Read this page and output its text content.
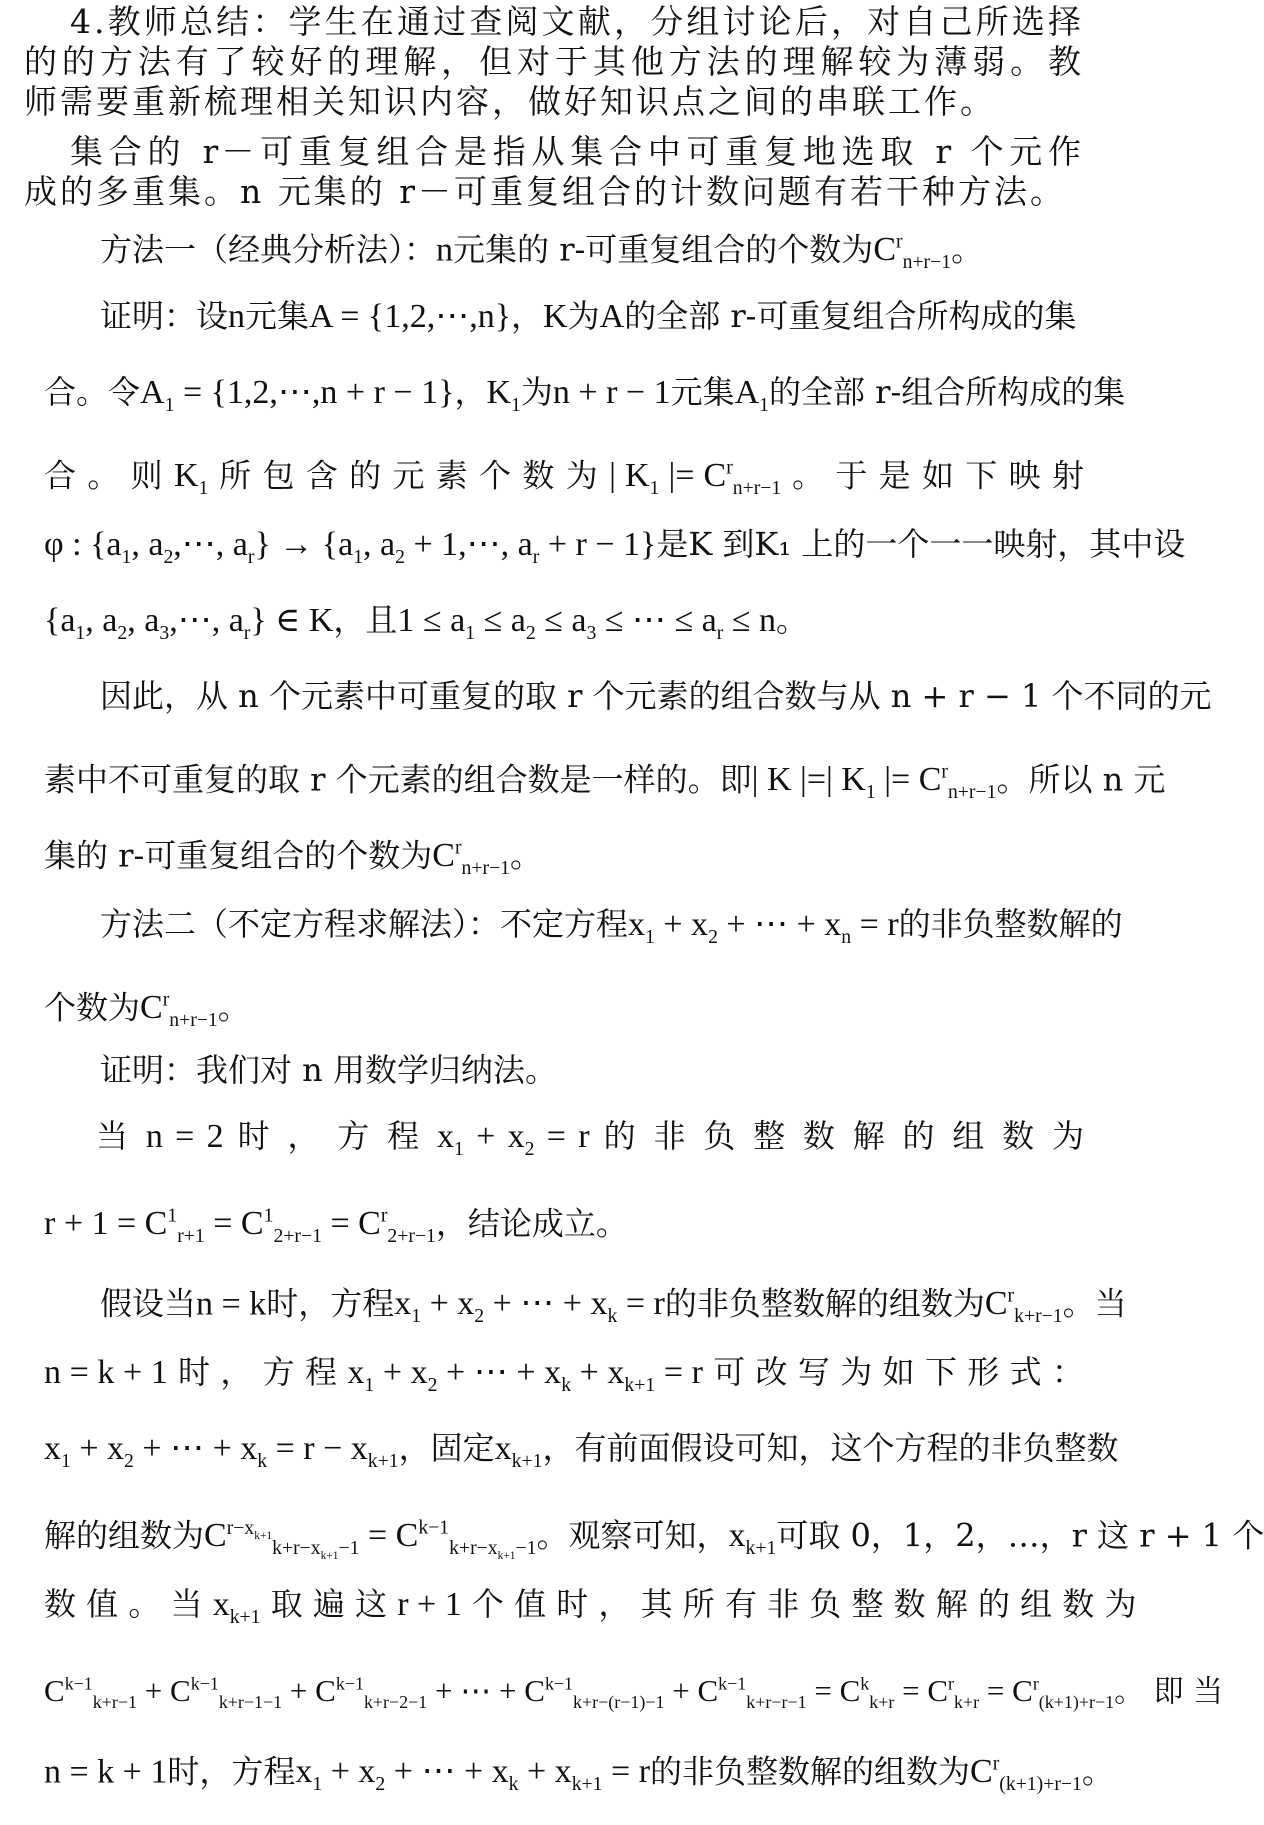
4.教师总结：学生在通过查阅文献，分组讨论后，对自己所选择
的的方法有了较好的理解，但对于其他方法的理解较为薄弱。教
师需要重新梳理相关知识内容，做好知识点之间的串联工作。
集合的 r－可重复组合是指从集合中可重复地选取 r 个元作
成的多重集。n 元集的 r－可重复组合的计数问题有若干种方法。
方法一（经典分析法）：n元集的 r-可重复组合的个数为$C^r_{n+r-1}$。
证明：设n元集A = {1,2,⋯,n}，K为A的全部 r-可重复组合所构成的集
合。令$A_1$ = {1,2,⋯,n + r − 1}，$K_1$为n + r − 1元集$A_1$的全部 r-组合所构成的集
合 。 则 $K_1$ 所 包 含 的 元 素 个 数 为 | $K_1$ |= $C^r_{n+r-1}$ 。 于 是 如 下 映 射
φ : {$a_1$, $a_2,\cdots$, $a_r\} \to \{a_1$, $a_2$ + 1,⋯, $a_r + r - 1$}是K 到K₁ 上的一个一一映射，其中设
{$a_1$, $a_2$, $a_3,\cdots$, $a_r$} ∈ K，且$1 \le a_1 \le a_2 \le a_3$ ≤ ⋯ ≤ $a_r \le n$。
因此，从 n 个元素中可重复的取 r 个元素的组合数与从 n + r − 1 个不同的元
素中不可重复的取 r 个元素的组合数是一样的。即| K |=| $K_1$ |= $C^r_{n+r-1}$。所以 n 元
集的 r-可重复组合的个数为$C^r_{n+r-1}$。
方法二（不定方程求解法）：不定方程$x_1 + x_2$ + ⋯ + $x_n = r$的非负整数解的
个数为$C^r_{n+r-1}$。
证明：我们对 n 用数学归纳法。
当 n = 2 时 ， 方 程 $x_1 + x_2 = r$ 的 非 负 整 数 解 的 组 数 为
$r + 1 = C^1_{r+1} = C^1_{2+r-1} = C^r_{2+r-1}$，结论成立。
假设当n = k时，方程$x_1 + x_2$ + ⋯ + $x_k = r$的非负整数解的组数为$C^r_{k+r-1}$。当
n = k + 1 时 ， 方 程 $x_1 + x_2$ + ⋯ + $x_k + x_{k+1} = r$ 可 改 写 为 如 下 形 式 ：
$x_1 + x_2$ + ⋯ + $x_k = r - x_{k+1}$，固定$x_{k+1}$，有前面假设可知，这个方程的非负整数
解的组数为$C^{r-x_{k+1}}_{k+r-x_{k+1}-1} = C^{k-1}_{k+r-x_{k+1}-1}$。观察可知，$x_{k+1}$可取 0，1，2，…，r 这 r + 1 个
数 值 。 当 $x_{k+1}$ 取 遍 这 r + 1 个 值 时 ， 其 所 有 非 负 整 数 解 的 组 数 为
$C^{k-1}_{k+r-1} + C^{k-1}_{k+r-1-1} + C^{k-1}_{k+r-2-1}$ + ⋯ + $C^{k-1}_{k+r-(r-1)-1} + C^{k-1}_{k+r-r-1} = C^k_{k+r} = C^r_{k+r} = C^r_{(k+1)+r-1}$。 即 当
n = k + 1时，方程$x_1 + x_2$ + ⋯ + $x_k + x_{k+1} = r$的非负整数解的组数为$C^r_{(k+1)+r-1}$。
